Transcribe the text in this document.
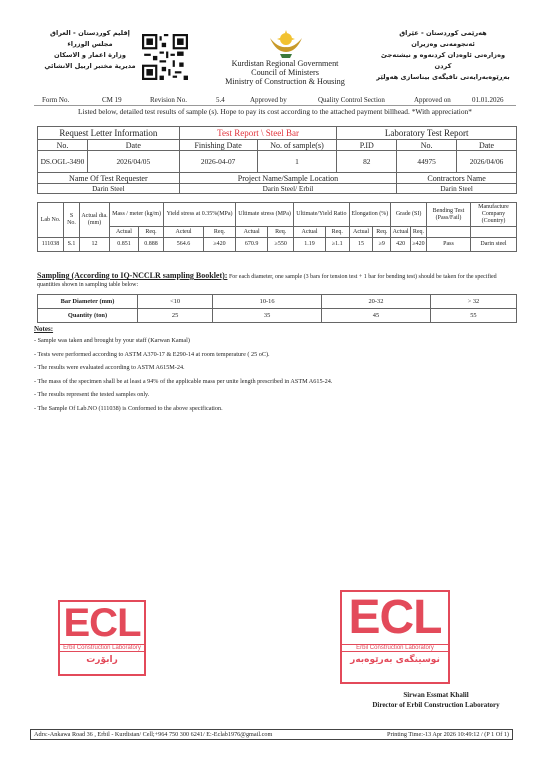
إقليم كوردستان - العراق
مجلس الوزراء
وزارة اعمار و الاسكان
مديرية مختبر اربيل الانشائي	Kurdistan Regional Government
Council of Ministers
Ministry of Construction & Housing
هەرێمی کوردستان - عێراق
ئەنجومەنی وەزیران
وەزارەتی ئاوەدان کردنەوە و نیشتەجێ کردن
بەڕێوەبەرایەتی تاقیگەی بیناسازی هەولێر
Form No.	CM 19	Revision No.	5.4	Approved by	Quality Control Section	Approved on	01.01.2026
Listed below, detailed test results of sample (s). Hope to pay its cost according to the attached payment billhead. *With appreciation*
Request Letter Information		Test Report \ Steel Bar		Laboratory Test Report		
No.	Date	Finishing Date	No. of sample(s)	P.ID	No.	Date
DS.OGL-3490	2026/04/05	2026-04-07	1	82	44975	2026/04/06
Name Of Test Requester		Project Name/Sample Location			Contractors Name	
Darin Steel		Darin Steel/ Erbil			Darin Steel	
Lab No.	S No.	Actual dia.(mm)	Mass / meter (kg/m)		Yield stress at 0.35%(MPa)		Ultimate stress (MPa)		Ultimate/Yield Ratio		Elongation (%)		Grade (SI)		Bending Test (Pass/Fail)	Manufacture Company (Country)
			Actual	Req.	Acteul	Req.	Actual	Req.	Actual	Req.	Actual	Req.	Actual	Req.		
111038	S.1	12	0.851	0.888	564.6	≥420	670.9	≥550	1.19	≥1.1	15	≥9	420	≥420	Pass	Darin steel
Sampling (According to IQ-NCCLR sampling Booklet): For each diameter, one sample (3 bars for tension test + 1 bar for bending test) should be taken for the specified quantities shown in sampling table below:
Bar Diameter (mm)	<10	10-16	20-32	> 32
Quantity (ton)	25	35	45	55
Notes:
- Sample was taken and brought by your staff (Karwan Kamal)
- Tests were performed according to ASTM A370-17 & E290-14 at room temperature ( 25 oC).
- The results were evaluated according to ASTM A615M-24.
- The mass of the specimen shall be at least a 94% of the applicable mass per unite length prescribed in ASTM A615-24.
- The results represent the tested samples only.
- The Sample Of Lab.NO (111038) is Conformed to the above specification.
ECL
Erbil Construction Laboratory
رابۆرت
ECL
Erbil Construction Laboratory
نوسینگەی بەرێوەبەر
Sirwan Essmat Khalil
Director of Erbil Construction Laboratory
Adrs:-Ankawa Road 36 , Erbil - Kurdistan/ Cell;+964 750 300 6241/ E:-Eclab1976@gmail.com	Printing Time:-13 Apr 2026 10:49:12 / (P 1 Of 1)
